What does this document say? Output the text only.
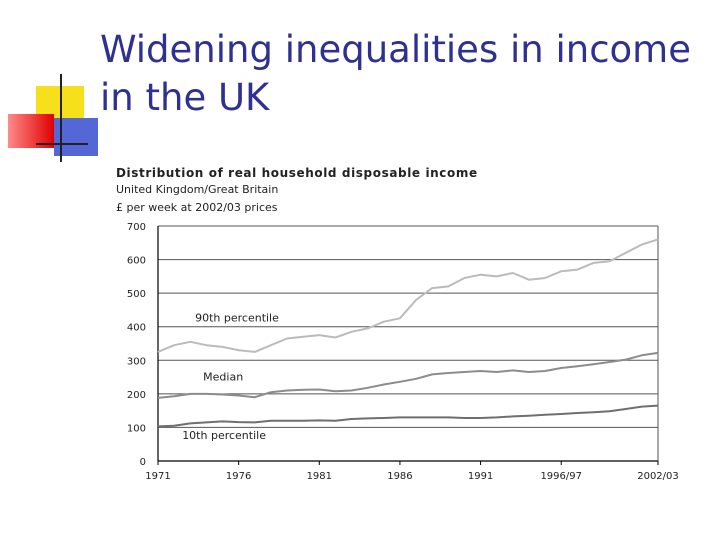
Widening inequalities in income in the UK
Distribution of real household disposable income
United Kingdom/Great Britain
£ per week at 2002/03 prices
0
100
200
300
400
500
600
700
1971	1976	1981	1986	1991	1996/97	2002/03
90th percentile
Median
10th percentile
